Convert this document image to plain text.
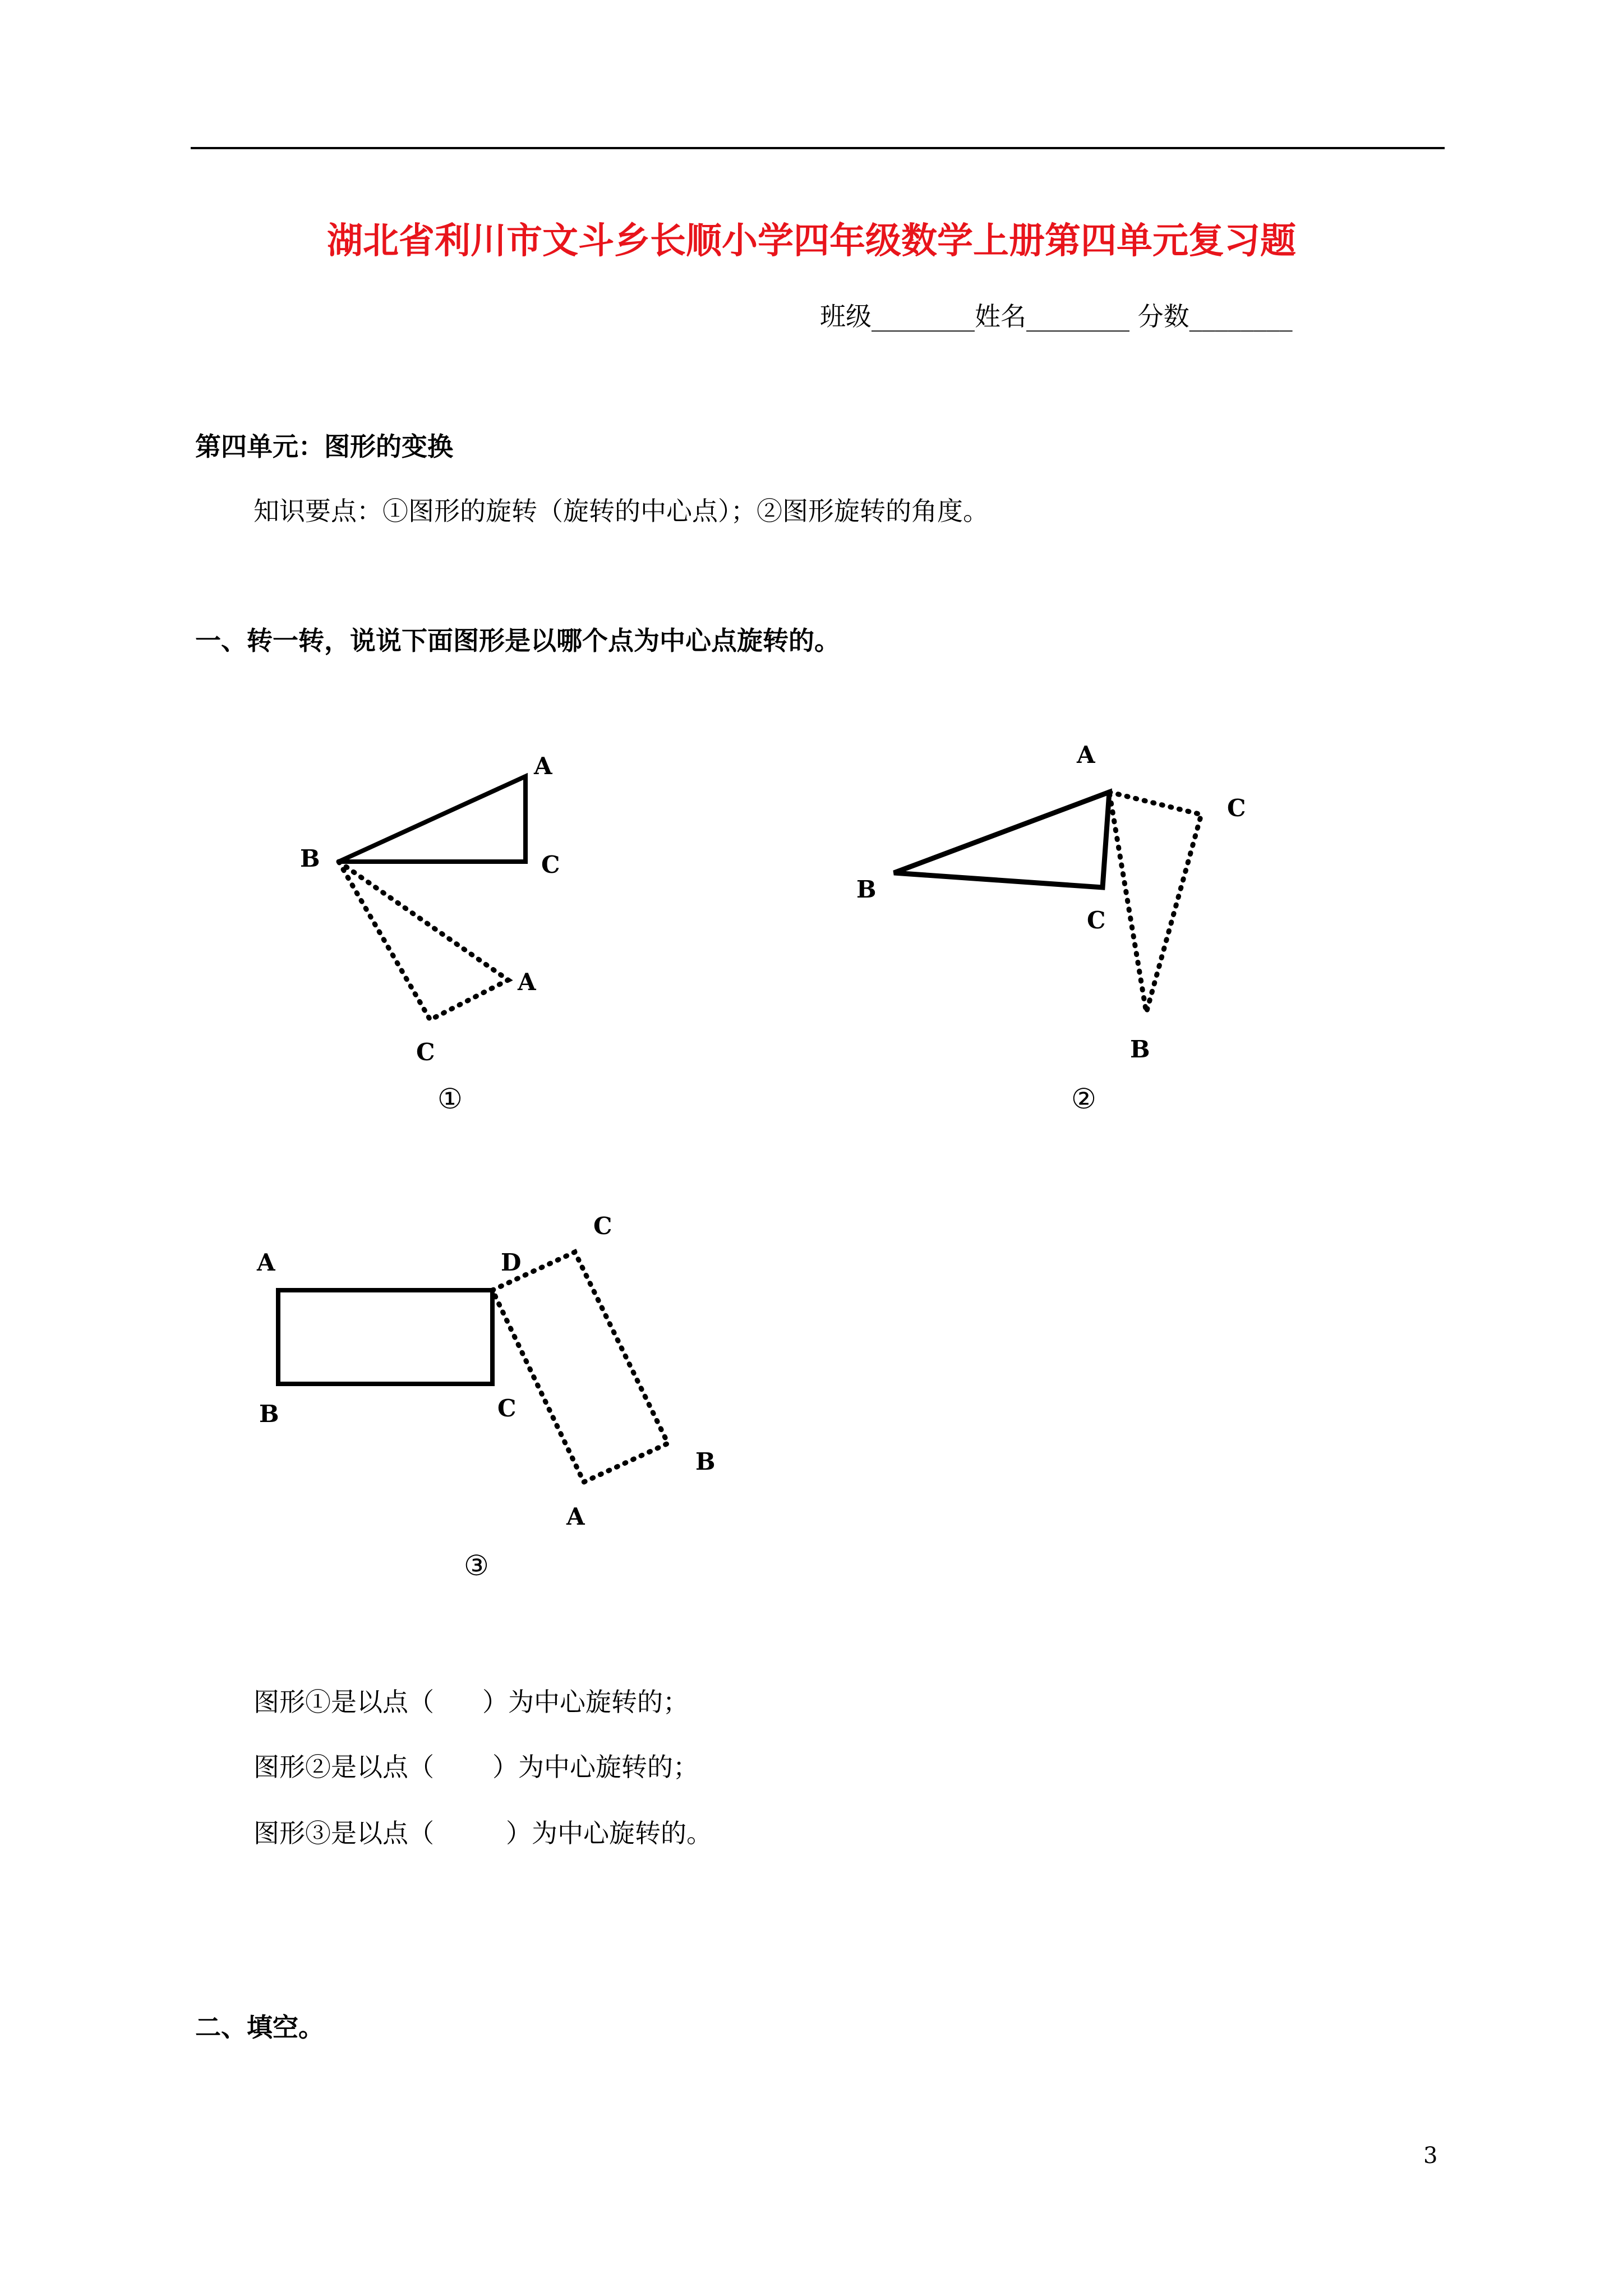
湖北省利川市文斗乡长顺小学四年级数学上册第四单元复习题
班级________姓名________ 分数________
第四单元：图形的变换
知识要点：①图形的旋转（旋转的中心点）；②图形旋转的角度。
一、转一转，说说下面图形是以哪个点为中心点旋转的。
A
B	C
A
C
①
A
B
C
C
B
②
A
B	C
D
C
B
A
③
图形①是以点（ ）为中心旋转的；
图形②是以点（ ）为中心旋转的；
图形③是以点（	）为中心旋转的。
二、填空。
3
